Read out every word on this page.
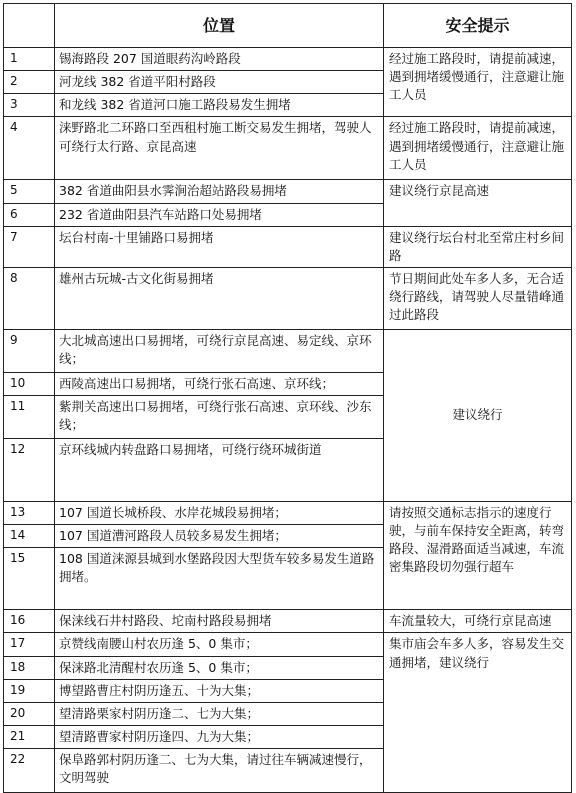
	位置	安全提示
1	锡海路段 207 国道眼药沟岭路段	经过施工路段时，请提前减速，遇到拥堵缓慢通行，注意避让施工人员
2	河龙线 382 省道平阳村路段	
3	和龙线 382 省道河口施工路段易发生拥堵	
4	涞野路北二环路口至西租村施工断交易发生拥堵，驾驶人可绕行太行路、京昆高速	经过施工路段时，请提前减速，遇到拥堵缓慢通行，注意避让施工人员
5	382 省道曲阳县水霁涧治超站路段易拥堵	建议绕行京昆高速
6	232 省道曲阳县汽车站路口处易拥堵	
7	坛台村南-十里铺路口易拥堵	建议绕行坛台村北至常庄村乡间路
8	雄州古玩城-古文化街易拥堵	节日期间此处车多人多，无合适绕行路线，请驾驶人尽量错峰通过此路段
9	大北城高速出口易拥堵，可绕行京昆高速、易定线、京环线；	建议绕行
10	西陵高速出口易拥堵，可绕行张石高速、京环线；	
11	紫荆关高速出口易拥堵，可绕行张石高速、京环线、沙东线；	
12	京环线城内转盘路口易拥堵，可绕行绕环城街道	
13	107 国道长城桥段、水岸花城段易拥堵；	请按照交通标志指示的速度行驶，与前车保持安全距离，转弯路段、湿滑路面适当减速，车流密集路段切勿强行超车
14	107 国道漕河路段人员较多易发生拥堵；	
15	108 国道涞源县城到水堡路段因大型货车较多易发生道路拥堵。	
16	保涞线石井村路段、坨南村路段易拥堵	车流量较大，可绕行京昆高速
17	京赞线南腰山村农历逢 5、0 集市；	集市庙会车多人多，容易发生交通拥堵，建议绕行
18	保涞路北清醒村农历逢 5、0 集市；	
19	博望路曹庄村阴历逢五、十为大集；	
20	望清路栗家村阴历逢二、七为大集；	
21	望清路曹家村阴历逢四、九为大集；	
22	保阜路郭村阴历逢二、七为大集，请过往车辆减速慢行，文明驾驶	
